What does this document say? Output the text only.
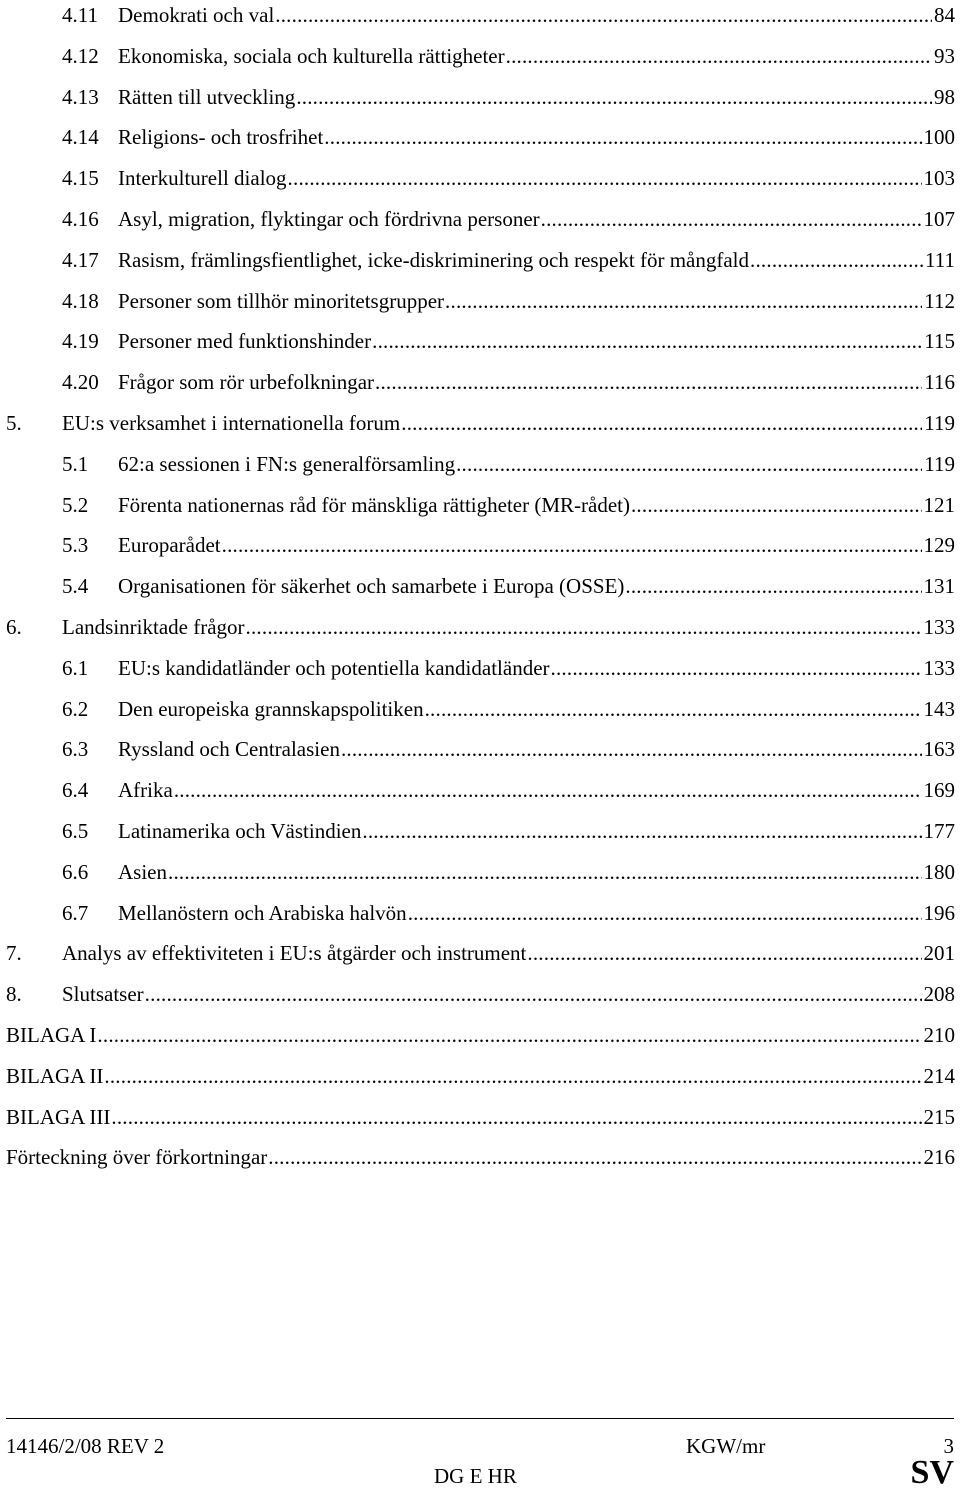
4.11 Demokrati och val .....	84
4.12 Ekonomiska, sociala och kulturella rättigheter .....	93
4.13 Rätten till utveckling .....	98
4.14 Religions- och trosfrihet .....	100
4.15 Interkulturell dialog .....	103
4.16 Asyl, migration, flyktingar och fördrivna personer .....	107
4.17 Rasism, främlingsfientlighet, icke-diskriminering och respekt för mångfald .....	111
4.18 Personer som tillhör minoritetsgrupper .....	112
4.19 Personer med funktionshinder .....	115
4.20 Frågor som rör urbefolkningar .....	116
5. EU:s verksamhet i internationella forum .....	119
5.1 62:a sessionen i FN:s generalförsamling .....	119
5.2 Förenta nationernas råd för mänskliga rättigheter (MR-rådet) .....	121
5.3 Europarådet .....	129
5.4 Organisationen för säkerhet och samarbete i Europa (OSSE) .....	131
6. Landsinriktade frågor .....	133
6.1 EU:s kandidatländer och potentiella kandidatländer .....	133
6.2 Den europeiska grannskapspolitiken .....	143
6.3 Ryssland och Centralasien .....	163
6.4 Afrika .....	169
6.5 Latinamerika och Västindien .....	177
6.6 Asien .....	180
6.7 Mellanöstern och Arabiska halvön .....	196
7. Analys av effektiviteten i EU:s åtgärder och instrument .....	201
8. Slutsatser .....	208
BILAGA I .....	210
BILAGA II .....	214
BILAGA III .....	215
Förteckning över förkortningar .....	216
14146/2/08 REV 2	KGW/mr	3
DG E HR	SV
